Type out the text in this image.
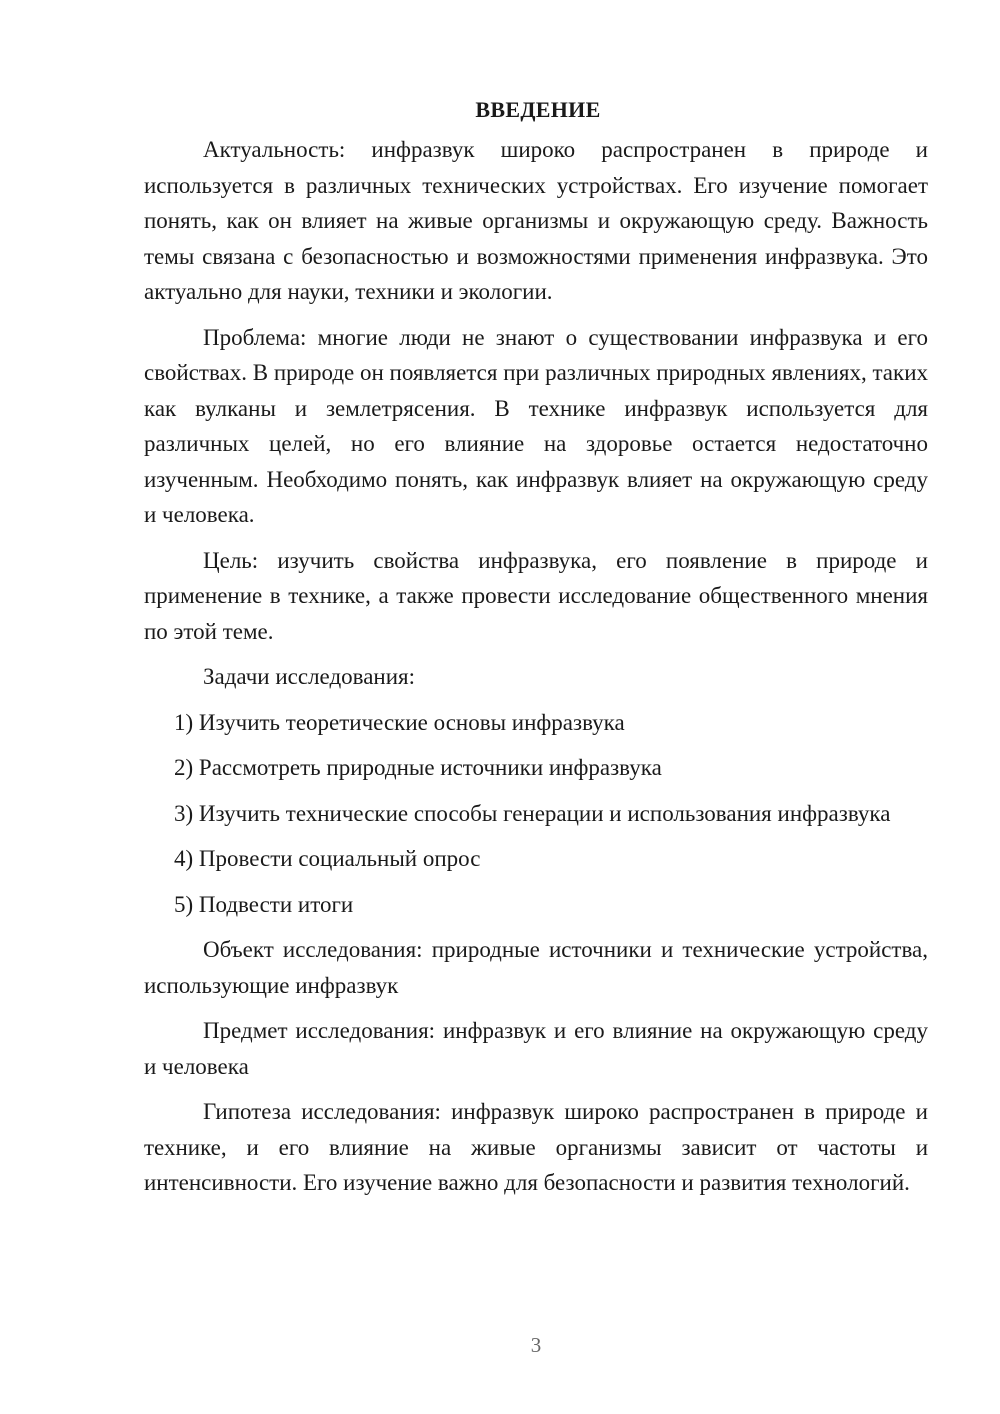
ВВЕДЕНИЕ

Актуальность: инфразвук широко распространен в природе и используется в различных технических устройствах. Его изучение помогает понять, как он влияет на живые организмы и окружающую среду. Важность темы связана с безопасностью и возможностями применения инфразвука. Это актуально для науки, техники и экологии.

Проблема: многие люди не знают о существовании инфразвука и его свойствах. В природе он появляется при различных природных явлениях, таких как вулканы и землетрясения. В технике инфразвук используется для различных целей, но его влияние на здоровье остается недостаточно изученным. Необходимо понять, как инфразвук влияет на окружающую среду и человека.

Цель: изучить свойства инфразвука, его появление в природе и применение в технике, а также провести исследование общественного мнения по этой теме.

Задачи исследования:

1) Изучить теоретические основы инфразвука

2) Рассмотреть природные источники инфразвука

3) Изучить технические способы генерации и использования инфразвука

4) Провести социальный опрос

5) Подвести итоги

Объект исследования: природные источники и технические устройства, использующие инфразвук

Предмет исследования: инфразвук и его влияние на окружающую среду и человека

Гипотеза исследования: инфразвук широко распространен в природе и технике, и его влияние на живые организмы зависит от частоты и интенсивности. Его изучение важно для безопасности и развития технологий.

3
